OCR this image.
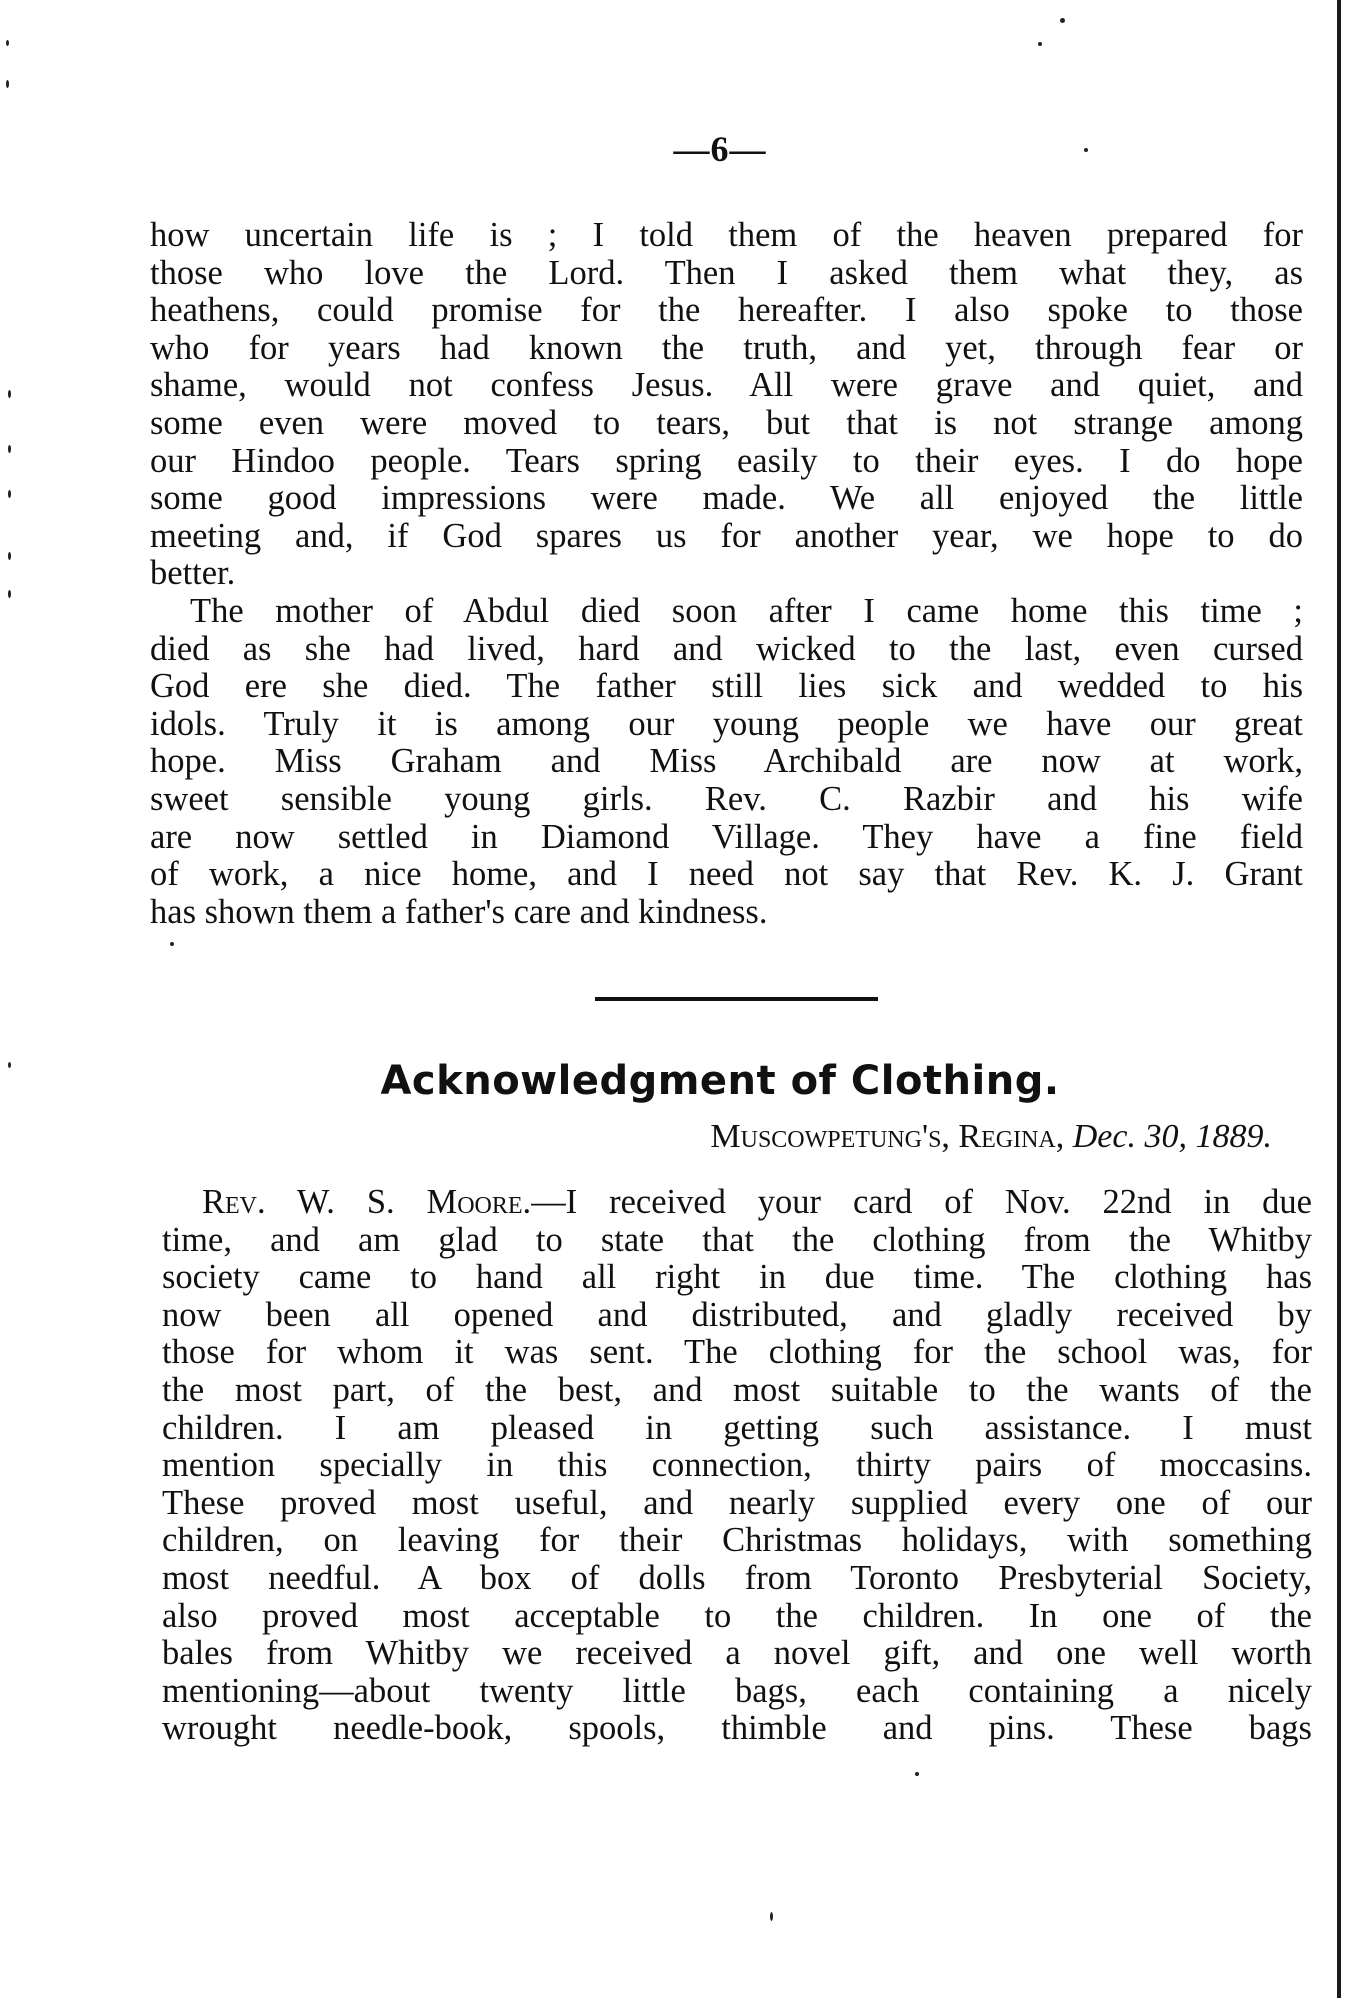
—6—
how uncertain life is ; I told them of the heaven prepared for
those who love the Lord. Then I asked them what they, as
heathens, could promise for the hereafter. I also spoke to those
who for years had known the truth, and yet, through fear or
shame, would not confess Jesus. All were grave and quiet, and
some even were moved to tears, but that is not strange among
our Hindoo people. Tears spring easily to their eyes. I do hope
some good impressions were made. We all enjoyed the little
meeting and, if God spares us for another year, we hope to do
better.
The mother of Abdul died soon after I came home this time ;
died as she had lived, hard and wicked to the last, even cursed
God ere she died. The father still lies sick and wedded to his
idols. Truly it is among our young people we have our great
hope. Miss Graham and Miss Archibald are now at work,
sweet sensible young girls. Rev. C. Razbir and his wife
are now settled in Diamond Village. They have a fine field
of work, a nice home, and I need not say that Rev. K. J. Grant
has shown them a father's care and kindness.
Acknowledgment of Clothing.
Muscowpetung's, Regina, Dec. 30, 1889.
Rev. W. S. Moore.—I received your card of Nov. 22nd in due
time, and am glad to state that the clothing from the Whitby
society came to hand all right in due time. The clothing has
now been all opened and distributed, and gladly received by
those for whom it was sent. The clothing for the school was, for
the most part, of the best, and most suitable to the wants of the
children. I am pleased in getting such assistance. I must
mention specially in this connection, thirty pairs of moccasins.
These proved most useful, and nearly supplied every one of our
children, on leaving for their Christmas holidays, with something
most needful. A box of dolls from Toronto Presbyterial Society,
also proved most acceptable to the children. In one of the
bales from Whitby we received a novel gift, and one well worth
mentioning—about twenty little bags, each containing a nicely
wrought needle-book, spools, thimble and pins. These bags
